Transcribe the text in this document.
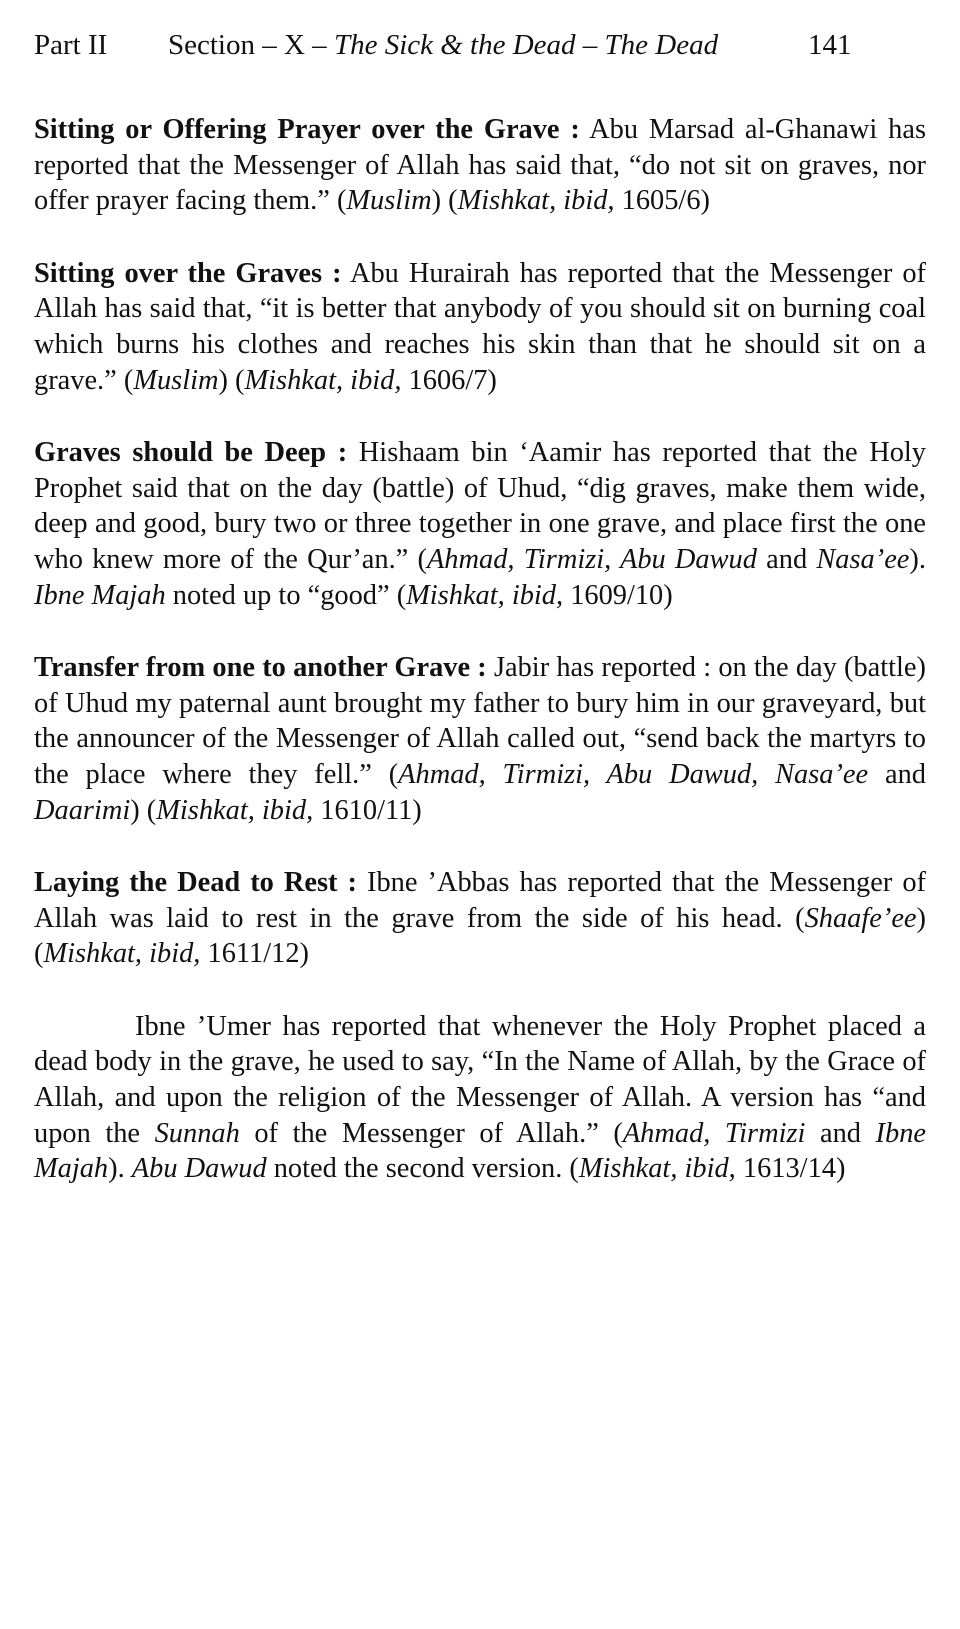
Part II Section – X – The Sick & the Dead – The Dead	141

Sitting or Offering Prayer over the Grave : Abu Marsad al-Ghanawi has reported that the Messenger of Allah has said that, “do not sit on graves, nor offer prayer facing them.” (Muslim) (Mishkat, ibid, 1605/6)

Sitting over the Graves : Abu Hurairah has reported that the Messenger of Allah has said that, “it is better that anybody of you should sit on burning coal which burns his clothes and reaches his skin than that he should sit on a grave.” (Muslim) (Mishkat, ibid, 1606/7)

Graves should be Deep : Hishaam bin ‘Aamir has reported that the Holy Prophet said that on the day (battle) of Uhud, “dig graves, make them wide, deep and good, bury two or three together in one grave, and place first the one who knew more of the Qur’an.” (Ahmad, Tirmizi, Abu Dawud and Nasa’ee). Ibne Majah noted up to “good” (Mishkat, ibid, 1609/10)

Transfer from one to another Grave : Jabir has reported : on the day (battle) of Uhud my paternal aunt brought my father to bury him in our graveyard, but the announcer of the Messenger of Allah called out, “send back the martyrs to the place where they fell.” (Ahmad, Tirmizi, Abu Dawud, Nasa’ee and Daarimi) (Mishkat, ibid, 1610/11)

Laying the Dead to Rest : Ibne ’Abbas has reported that the Messenger of Allah was laid to rest in the grave from the side of his head. (Shaafe’ee) (Mishkat, ibid, 1611/12)

Ibne ’Umer has reported that whenever the Holy Prophet placed a dead body in the grave, he used to say, “In the Name of Allah, by the Grace of Allah, and upon the religion of the Messenger of Allah. A version has “and upon the Sunnah of the Messenger of Allah.” (Ahmad, Tirmizi and Ibne Majah). Abu Dawud noted the second version. (Mishkat, ibid, 1613/14)
